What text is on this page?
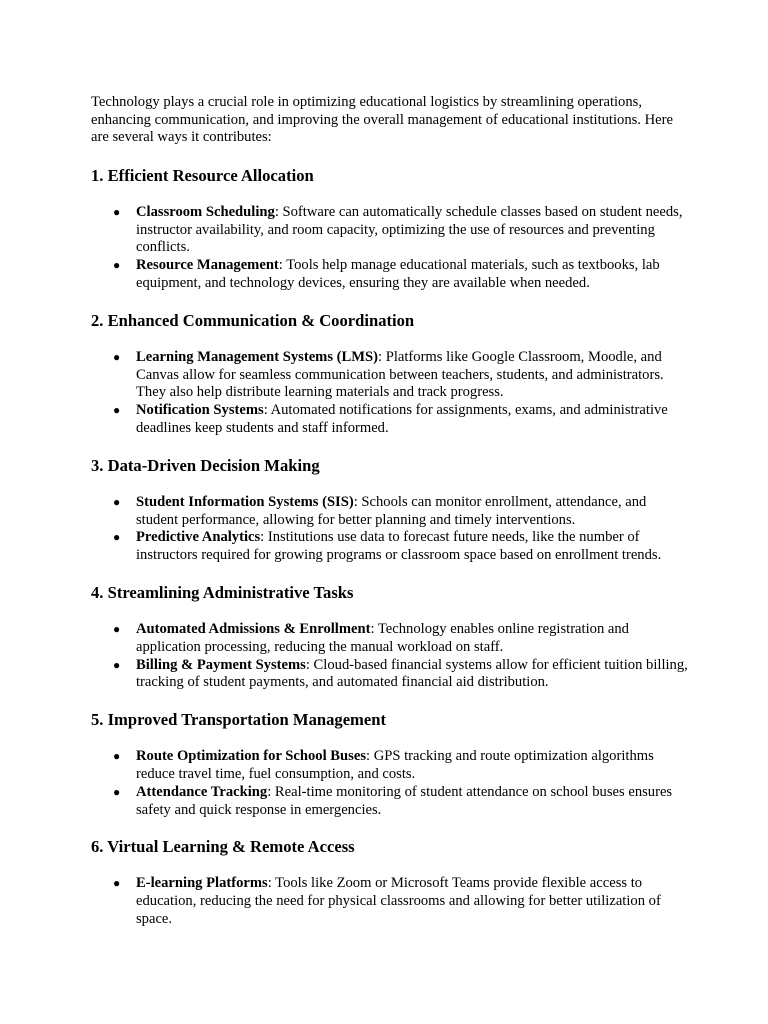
Technology plays a crucial role in optimizing educational logistics by streamlining operations, enhancing communication, and improving the overall management of educational institutions. Here are several ways it contributes:

1. Efficient Resource Allocation
● Classroom Scheduling: Software can automatically schedule classes based on student needs, instructor availability, and room capacity, optimizing the use of resources and preventing conflicts.
● Resource Management: Tools help manage educational materials, such as textbooks, lab equipment, and technology devices, ensuring they are available when needed.
2. Enhanced Communication & Coordination
● Learning Management Systems (LMS): Platforms like Google Classroom, Moodle, and Canvas allow for seamless communication between teachers, students, and administrators. They also help distribute learning materials and track progress.
● Notification Systems: Automated notifications for assignments, exams, and administrative deadlines keep students and staff informed.
3. Data-Driven Decision Making
● Student Information Systems (SIS): Schools can monitor enrollment, attendance, and student performance, allowing for better planning and timely interventions.
● Predictive Analytics: Institutions use data to forecast future needs, like the number of instructors required for growing programs or classroom space based on enrollment trends.
4. Streamlining Administrative Tasks
● Automated Admissions & Enrollment: Technology enables online registration and application processing, reducing the manual workload on staff.
● Billing & Payment Systems: Cloud-based financial systems allow for efficient tuition billing, tracking of student payments, and automated financial aid distribution.
5. Improved Transportation Management
● Route Optimization for School Buses: GPS tracking and route optimization algorithms reduce travel time, fuel consumption, and costs.
● Attendance Tracking: Real-time monitoring of student attendance on school buses ensures safety and quick response in emergencies.
6. Virtual Learning & Remote Access
● E-learning Platforms: Tools like Zoom or Microsoft Teams provide flexible access to education, reducing the need for physical classrooms and allowing for better utilization of space.
